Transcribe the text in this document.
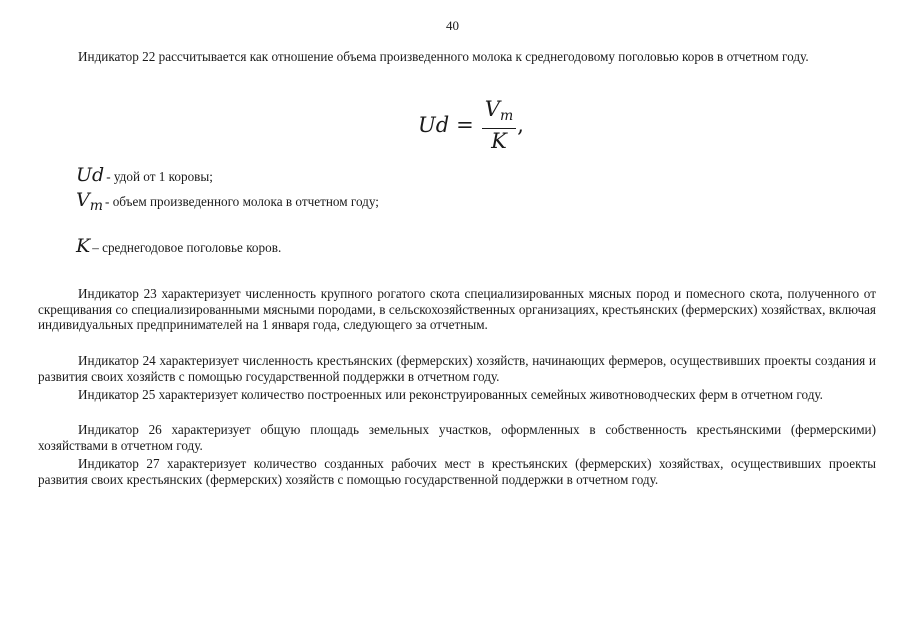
40

Индикатор 22 рассчитывается как отношение объема произведенного молока к среднегодовому поголовью коров в отчетном году.

$Ud = \frac{V_m}{K}$ ,
Ud - удой от 1 коровы;
$V_m$ - объем произведенного молока в отчетном году;
K – среднегодовое поголовье коров.

Индикатор 23 характеризует численность крупного рогатого скота специализированных мясных пород и помесного скота, полученного от скрещивания со специализированными мясными породами, в сельскохозяйственных организациях, крестьянских (фермерских) хозяйствах, включая индивидуальных предпринимателей на 1 января года, следующего за отчетным.

Индикатор 24 характеризует численность крестьянских (фермерских) хозяйств, начинающих фермеров, осуществивших проекты создания и развития своих хозяйств с помощью государственной поддержки в отчетном году.

Индикатор 25 характеризует количество построенных или реконструированных семейных животноводческих ферм в отчетном году.

Индикатор 26 характеризует общую площадь земельных участков, оформленных в собственность крестьянскими (фермерскими) хозяйствами в отчетном году.

Индикатор 27 характеризует количество созданных рабочих мест в крестьянских (фермерских) хозяйствах, осуществивших проекты развития своих крестьянских (фермерских) хозяйств с помощью государственной поддержки в отчетном году.
